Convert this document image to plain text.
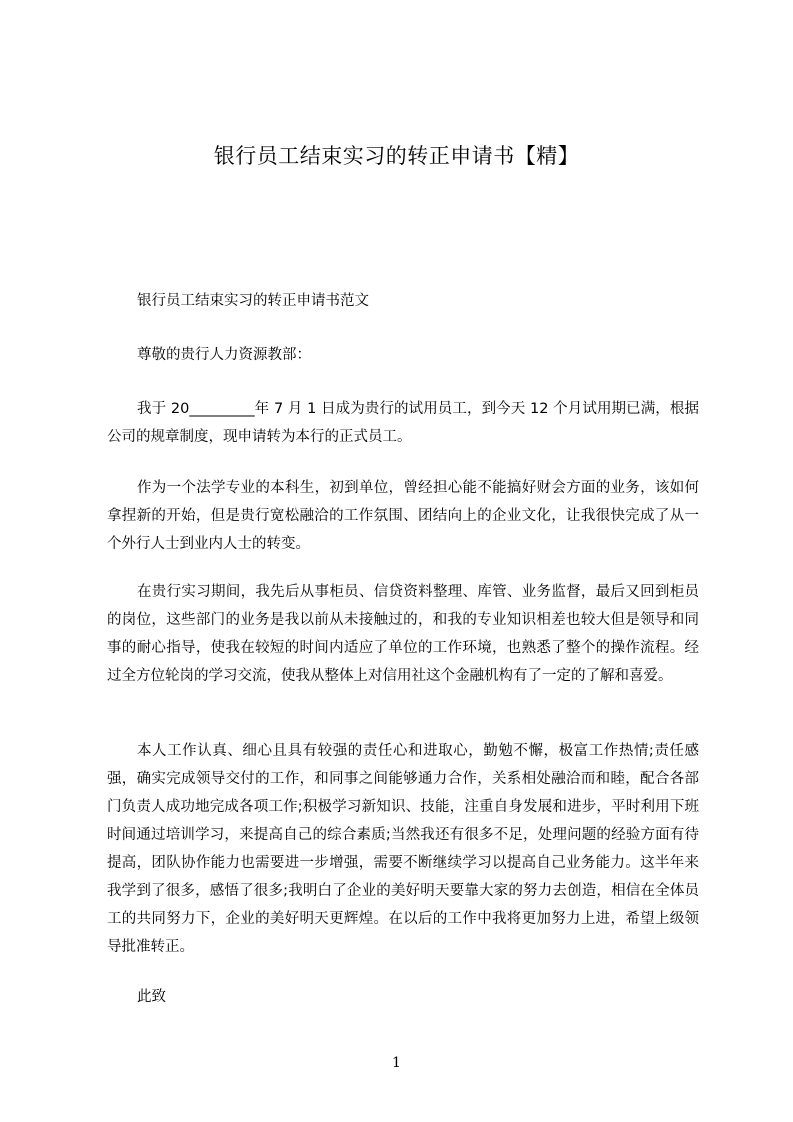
银行员工结束实习的转正申请书【精】

银行员工结束实习的转正申请书范文

尊敬的贵行人力资源教部：

我于 20_________年 7 月 1 日成为贵行的试用员工，到今天 12 个月试用期已满，根据公司的规章制度，现申请转为本行的正式员工。

作为一个法学专业的本科生，初到单位，曾经担心能不能搞好财会方面的业务，该如何拿捏新的开始，但是贵行宽松融洽的工作氛围、团结向上的企业文化，让我很快完成了从一个外行人士到业内人士的转变。

在贵行实习期间，我先后从事柜员、信贷资料整理、库管、业务监督，最后又回到柜员的岗位，这些部门的业务是我以前从未接触过的，和我的专业知识相差也较大但是领导和同事的耐心指导，使我在较短的时间内适应了单位的工作环境，也熟悉了整个的操作流程。经过全方位轮岗的学习交流，使我从整体上对信用社这个金融机构有了一定的了解和喜爱。

本人工作认真、细心且具有较强的责任心和进取心，勤勉不懈，极富工作热情;责任感强，确实完成领导交付的工作，和同事之间能够通力合作，关系相处融洽而和睦，配合各部门负责人成功地完成各项工作;积极学习新知识、技能，注重自身发展和进步，平时利用下班时间通过培训学习，来提高自己的综合素质;当然我还有很多不足，处理问题的经验方面有待提高，团队协作能力也需要进一步增强，需要不断继续学习以提高自己业务能力。这半年来我学到了很多，感悟了很多;我明白了企业的美好明天要靠大家的努力去创造，相信在全体员工的共同努力下，企业的美好明天更辉煌。在以后的工作中我将更加努力上进，希望上级领导批准转正。

此致

1
